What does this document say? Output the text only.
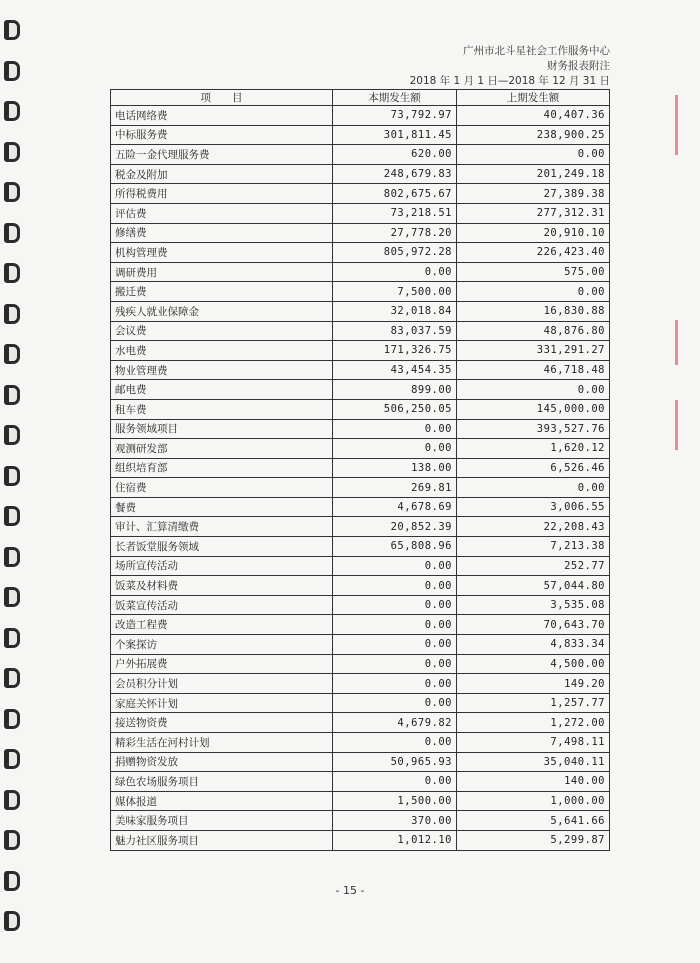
广州市北斗星社会工作服务中心
财务报表附注
2018 年 1 月 1 日—2018 年 12 月 31 日
项　　目	本期发生额	上期发生额
电话网络费	73,792.97	40,407.36
中标服务费	301,811.45	238,900.25
五险一金代理服务费	620.00	0.00
税金及附加	248,679.83	201,249.18
所得税费用	802,675.67	27,389.38
评估费	73,218.51	277,312.31
修缮费	27,778.20	20,910.10
机构管理费	805,972.28	226,423.40
调研费用	0.00	575.00
搬迁费	7,500.00	0.00
残疾人就业保障金	32,018.84	16,830.88
会议费	83,037.59	48,876.80
水电费	171,326.75	331,291.27
物业管理费	43,454.35	46,718.48
邮电费	899.00	0.00
租车费	506,250.05	145,000.00
服务领域项目	0.00	393,527.76
观测研发部	0.00	1,620.12
组织培育部	138.00	6,526.46
住宿费	269.81	0.00
餐费	4,678.69	3,006.55
审计、汇算清缴费	20,852.39	22,208.43
长者饭堂服务领域	65,808.96	7,213.38
场所宣传活动	0.00	252.77
饭菜及材料费	0.00	57,044.80
饭菜宣传活动	0.00	3,535.08
改造工程费	0.00	70,643.70
个案探访	0.00	4,833.34
户外拓展费	0.00	4,500.00
会员积分计划	0.00	149.20
家庭关怀计划	0.00	1,257.77
接送物资费	4,679.82	1,272.00
精彩生活在河村计划	0.00	7,498.11
捐赠物资发放	50,965.93	35,040.11
绿色农场服务项目	0.00	140.00
媒体报道	1,500.00	1,000.00
美味家服务项目	370.00	5,641.66
魅力社区服务项目	1,012.10	5,299.87
- 15 -
